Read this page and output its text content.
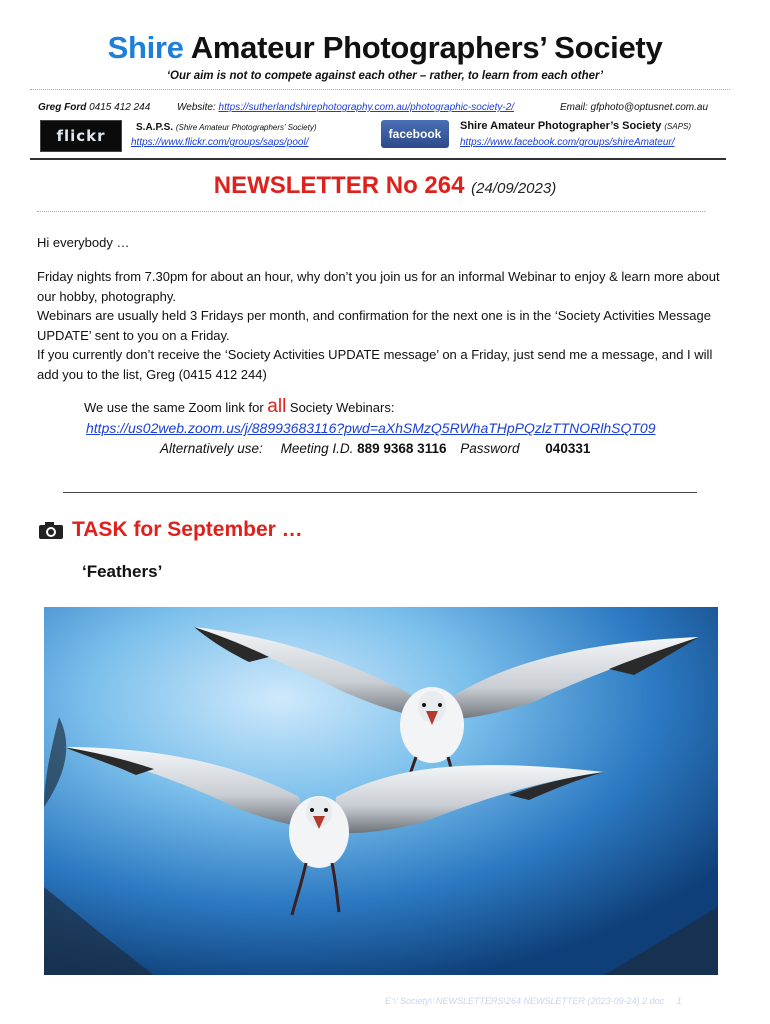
Shire Amateur Photographers’ Society
‘Our aim is not to compete against each other – rather, to learn from each other’
Greg Ford 0415 412 244	Website: https://sutherlandshirephotography.com.au/photographic-society-2/	Email: gfphoto@optusnet.com.au
flickr	S.A.P.S. (Shire Amateur Photographers’ Society)
https://www.flickr.com/groups/saps/pool/
facebook
Shire Amateur Photographer’s Society (SAPS)
https://www.facebook.com/groups/shireAmateur/
NEWSLETTER No 264 (24/09/2023)
Hi everybody …
Friday nights from 7.30pm for about an hour, why don’t you join us for an informal Webinar to enjoy & learn more about our hobby, photography.
Webinars are usually held 3 Fridays per month, and confirmation for the next one is in the ‘Society Activities Message UPDATE’ sent to you on a Friday.
If you currently don’t receive the ‘Society Activities UPDATE message’ on a Friday, just send me a message, and I will add you to the list, Greg (0415 412 244)
We use the same Zoom link for all Society Webinars:
https://us02web.zoom.us/j/88993683116?pwd=aXhSMzQ5RWhaTHpPQzlzTTNORlhSQT09
Alternatively use: Meeting I.D. 889 9368 3116 Password 040331
TASK for September …
‘Feathers’
E:\’ Society\’ NEWSLETTERS\264 NEWSLETTER (2023-09-24) 2.doc 1
